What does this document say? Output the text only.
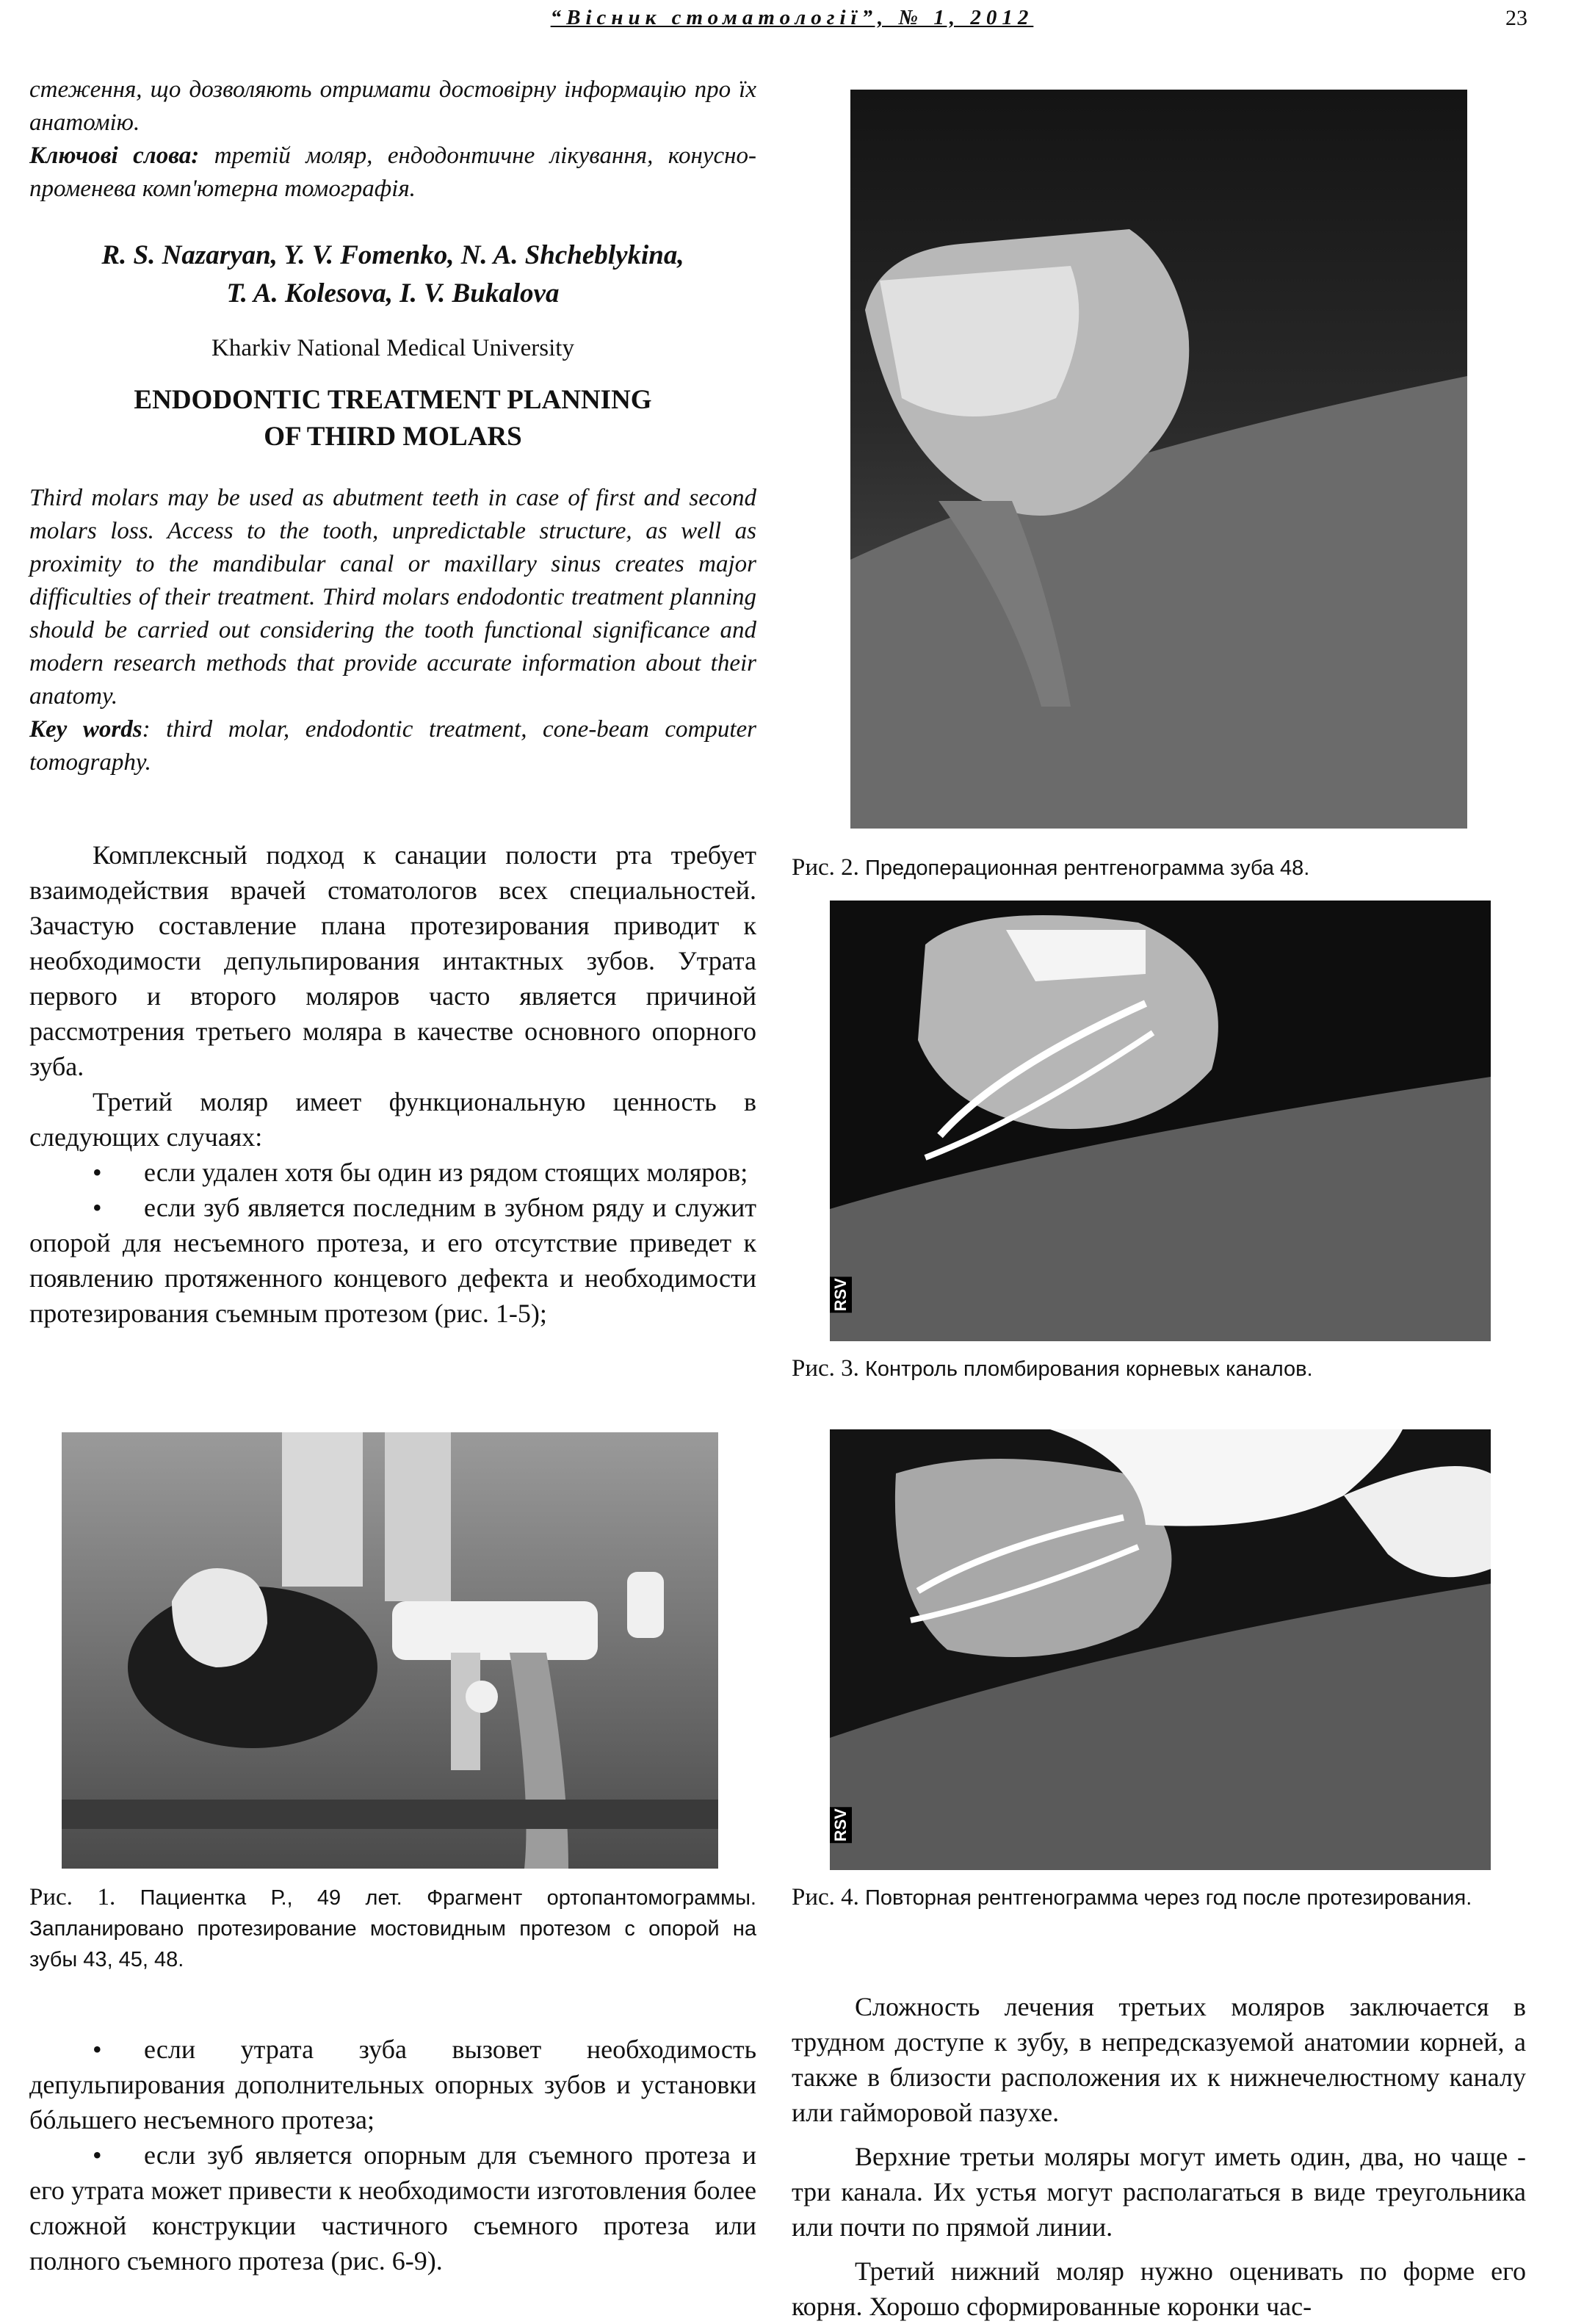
“Вісник стоматології”, № 1, 2012	23

стеження, що дозволяють отримати достовірну інформацію про їх анатомію.

Ключові слова: третій моляр, ендодонтичне лікування, конусно-променева комп'ютерна томографія.

R. S. Nazaryan, Y. V. Fomenko, N. A. Shcheblykina,
T. A. Kolesova, I. V. Bukalova
Kharkiv National Medical University
ENDODONTIC TREATMENT PLANNING
OF THIRD MOLARS

Third molars may be used as abutment teeth in case of first and second molars loss. Access to the tooth, unpredictable structure, as well as proximity to the mandibular canal or maxillary sinus creates major difficulties of their treatment. Third molars endodontic treatment planning should be carried out considering the tooth functional significance and modern research methods that provide accurate information about their anatomy.

Key words: third molar, endodontic treatment, cone-beam computer tomography.

Комплексный подход к санации полости рта требует взаимодействия врачей стоматологов всех специальностей. Зачастую составление плана протезирования приводит к необходимости депульпирования интактных зубов. Утрата первого и второго моляров часто является причиной рассмотрения третьего моляра в качестве основного опорного зуба.

Третий моляр имеет функциональную ценность в следующих случаях:

• если удален хотя бы один из рядом стоящих моляров;

• если зуб является последним в зубном ряду и служит опорой для несъемного протеза, и его отсутствие приведет к появлению протяженного концевого дефекта и необходимости протезирования съемным протезом (рис. 1-5);

Рис. 1. Пациентка Р., 49 лет. Фрагмент ортопантомограммы. Запланировано протезирование мостовидным протезом с опорой на зубы 43, 45, 48.

• если утрата зуба вызовет необходимость депульпирования дополнительных опорных зубов и установки бóльшего несъемного протеза;

• если зуб является опорным для съемного протеза и его утрата может привести к необходимости изготовления более сложной конструкции частичного съемного протеза или полного съемного протеза (рис. 6-9).

Рис. 2. Предоперационная рентгенограмма зуба 48.
RSV
Рис. 3. Контроль пломбирования корневых каналов.
RSV
Рис. 4. Повторная рентгенограмма через год после протезирования.

Сложность лечения третьих моляров заключается в трудном доступе к зубу, в непредсказуемой анатомии корней, а также в близости расположения их к нижнечелюстному каналу или гайморовой пазухе.

Верхние третьи моляры могут иметь один, два, но чаще - три канала. Их устья могут располагаться в виде треугольника или почти по прямой линии.

Третий нижний моляр нужно оценивать по форме его корня. Хорошо сформированные коронки час-
